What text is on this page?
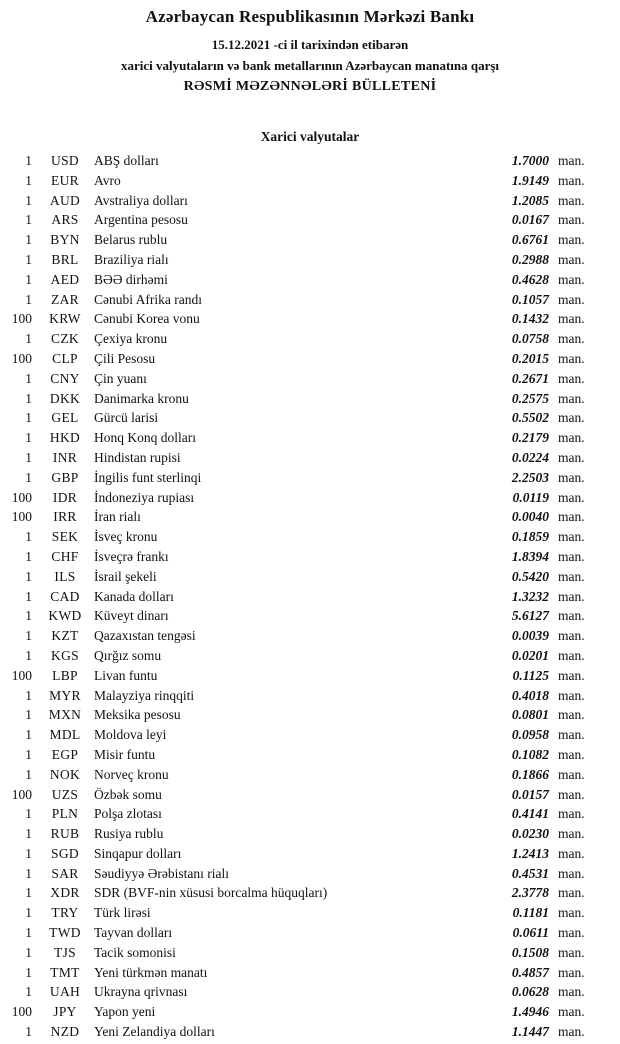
Azərbaycan Respublikasının Mərkəzi Bankı

15.12.2021 -ci il tarixindən etibarən

xarici valyutaların və bank metallarının Azərbaycan manatına qarşı

RƏSMİ MƏZƏNNƏLƏRİ BÜLLETENİ

Xarici valyutalar
1	USD	ABŞ dolları	1.7000 man.
1	EUR	Avro	1.9149 man.
1	AUD	Avstraliya dolları	1.2085 man.
1	ARS	Argentina pesosu	0.0167 man.
1	BYN	Belarus rublu	0.6761 man.
1	BRL	Braziliya rialı	0.2988 man.
1	AED	BƏƏ dirhəmi	0.4628 man.
1	ZAR	Cənubi Afrika randı	0.1057 man.
100	KRW Cənubi Korea vonu	0.1432 man.
1	CZK	Çexiya kronu	0.0758 man.
100	CLP	Çili Pesosu	0.2015 man.
1	CNY	Çin yuanı	0.2671 man.
1	DKK	Danimarka kronu	0.2575 man.
1	GEL	Gürcü larisi	0.5502 man.
1	HKD	Honq Konq dolları	0.2179 man.
1	INR	Hindistan rupisi	0.0224 man.
1	GBP	İngilis funt sterlinqi	2.2503 man.
100	IDR	İndoneziya rupiası	0.0119 man.
100	IRR	İran rialı	0.0040 man.
1	SEK	İsveç kronu	0.1859 man.
1	CHF	İsveçrə frankı	1.8394 man.
1	ILS	İsrail şekeli	0.5420 man.
1	CAD	Kanada dolları	1.3232 man.
1	KWD Küveyt dinarı	5.6127 man.
1	KZT	Qazaxıstan tengəsi	0.0039 man.
1	KGS	Qırğız somu	0.0201 man.
100	LBP	Livan funtu	0.1125 man.
1	MYR Malayziya rinqqiti	0.4018 man.
1	MXN Meksika pesosu	0.0801 man.
1	MDL	Moldova leyi	0.0958 man.
1	EGP	Misir funtu	0.1082 man.
1	NOK	Norveç kronu	0.1866 man.
100	UZS	Özbək somu	0.0157 man.
1	PLN	Polşa zlotası	0.4141 man.
1	RUB	Rusiya rublu	0.0230 man.
1	SGD	Sinqapur dolları	1.2413 man.
1	SAR	Səudiyyə Ərəbistanı rialı	0.4531 man.
1	XDR	SDR (BVF-nin xüsusi borcalma hüquqları)	2.3778 man.
1	TRY	Türk lirəsi	0.1181 man.
1	TWD Tayvan dolları	0.0611 man.
1	TJS	Tacik somonisi	0.1508 man.
1	TMT	Yeni türkmən manatı	0.4857 man.
1	UAH	Ukrayna qrivnası	0.0628 man.
100	JPY	Yapon yeni	1.4946 man.
1	NZD	Yeni Zelandiya dolları	1.1447 man.
